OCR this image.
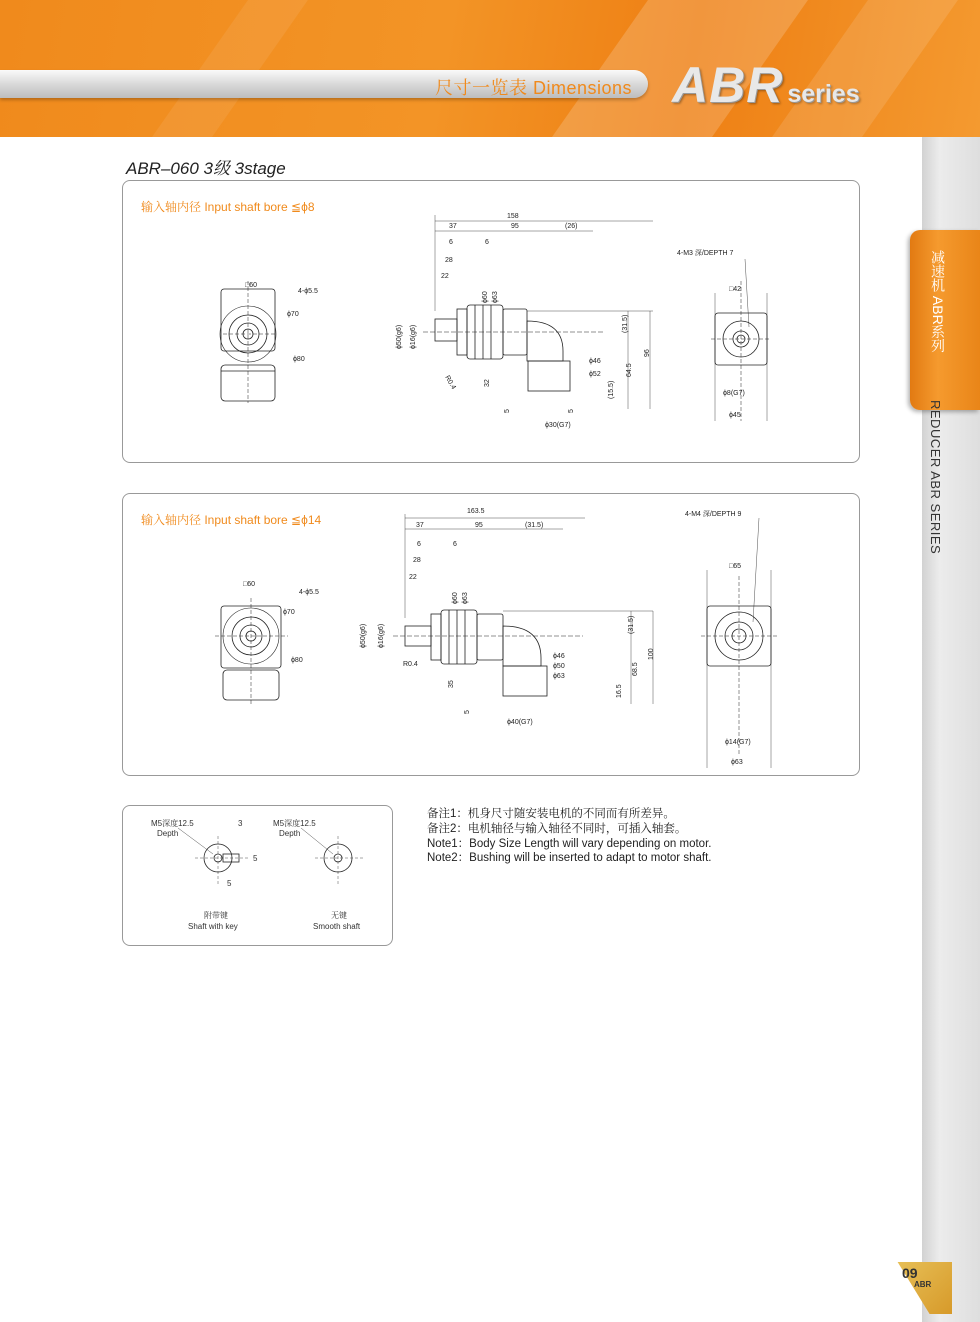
尺寸一览表 Dimensions ABR series
减速机 ABR系列
REDUCER ABR SERIES
ABR–060 3级 3stage
输入轴内径 Input shaft bore ≦ϕ8
□60
4-ϕ5.5
ϕ70
ϕ80
158
37	95	(26)
6	6
28
22
ϕ50(g6) ϕ16(g6)
R0.4
ϕ60 ϕ63
(31.5)
64.5
96
(15.5)
ϕ46
ϕ52
32
5	5
ϕ30(G7)
4-M3 深/DEPTH 7
□42
ϕ8(G7)
ϕ45
输入轴内径 Input shaft bore ≦ϕ14
□60
4-ϕ5.5
ϕ70
ϕ80
163.5
37	95	(31.5)
6	6
28
22
ϕ50(g6) ϕ16(g6)
R0.4
ϕ60 ϕ63
(31.5)
68.5
100
16.5
ϕ46
ϕ50
ϕ63
35
5
ϕ40(G7)
4-M4 深/DEPTH 9
□65
ϕ14(G7)
ϕ63
M5深度12.5
Depth
3
5
5
附带键
Shaft with key
M5深度12.5
Depth
无键
Smooth shaft
备注1：机身尺寸随安装电机的不同而有所差异。
备注2：电机轴径与输入轴径不同时，可插入轴套。
Note1：Body Size Length will vary depending on motor.
Note2：Bushing will be inserted to adapt to motor shaft.
09
ABR
